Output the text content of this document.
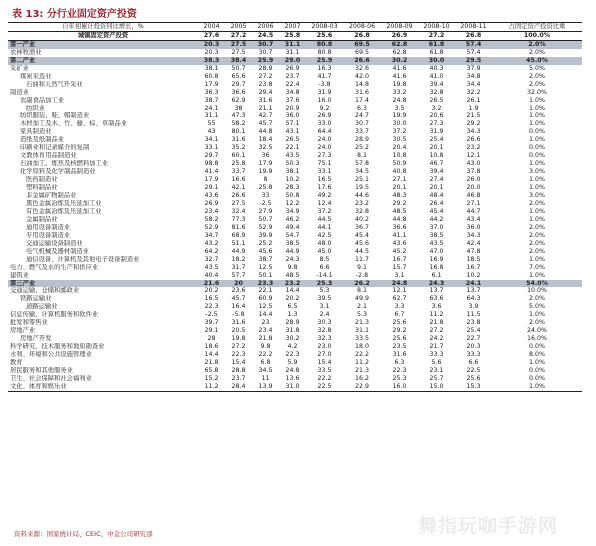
表 13: 分行业固定资产投资
自年初累计投资同比增长，%	2004	2005	2006	2007	2008-03	2008-06	2008-09	2008-10	2008-11	占固定资产投资比重
城镇固定资产投资	27.6	27.2	24.5	25.8	25.6	26.8	26.9	27.2	26.8	100.0%
第一产业	20.3	27.5	30.7	31.1	80.8	69.5	62.8	61.8	57.4	2.0%
农林牧渔业	20.3	27.5	30.7	31.1	80.8	69.5	62.8	61.8	57.4	2.0%
第二产业	38.3	38.4	25.9	29.0	25.9	26.6	30.2	30.0	29.5	45.0%
采矿业	38.1	50.7	28.9	26.9	16.3	32.6	41.6	40.3	37.9	5.0%
煤炭采选业	60.8	65.6	27.2	23.7	41.7	42.0	41.6	41.0	34.8	2.0%
石油和天然气开采业	17.9	29.7	23.8	22.4	-3.8	14.8	19.8	39.4	34.4	2.0%
制造业	36.3	36.6	29.4	34.8	31.9	31.6	33.2	32.8	32.2	32.0%
农副食品加工业	38.7	62.9	31.6	37.6	16.0	17.4	24.8	26.5	26.1	1.0%
纺织业	24.1	38	21.1	20.9	9.2	6.3	3.5	3.2	1.9	1.0%
纺织服装、鞋、帽制造业	31.1	47.3	42.7	36.0	26.9	24.7	19.9	20.6	21.5	1.0%
木材加工及木、竹、藤、棕、草制品业	55	58.2	45.7	57.1	33.0	30.7	30.0	27.3	29.2	1.0%
家具制造业	43	80.1	44.8	43.1	64.4	33.7	37.2	31.9	34.3	0.0%
造纸及纸制品业	34.1	31.6	18.4	26.5	24.0	28.9	30.5	25.4	26.6	1.0%
印刷业和记录媒介的复制	33.1	35.2	32.5	22.1	24.0	25.2	20.4	20.1	23.2	0.0%
文教体育用品制造业	29.7	60.1	36	43.5	27.3	8.1	10.8	10.8	12.1	0.0%
石油加工、炼焦及核燃料加工业	98.8	25.8	17.9	50.3	75.1	57.8	50.9	46.7	43.0	1.0%
化学原料及化学制品制造业	41.4	33.7	19.9	38.1	33.1	34.5	40.8	39.4	37.8	3.0%
医药制造业	17.9	16.6	8	10.2	16.5	25.1	27.1	27.4	26.0	1.0%
塑料制品业	29.1	42.1	25.8	28.3	17.6	19.5	20.1	20.1	20.0	1.0%
非金属矿物制品业	43.6	26.6	33	50.8	49.2	44.6	48.3	48.4	46.8	3.0%
黑色金属冶炼及压延加工业	26.9	27.5	-2.5	12.2	12.4	23.2	29.2	26.4	27.1	2.0%
有色金属冶炼及压延加工业	23.4	32.4	27.9	34.9	37.2	32.8	48.5	45.4	44.7	1.0%
金属制品业	58.2	77.3	50.7	46.2	44.5	40.2	44.8	44.2	43.4	1.0%
通用设备制造业	52.9	81.6	52.9	49.4	44.1	36.7	36.6	37.0	36.0	2.0%
专用设备制造业	34.7	68.9	39.9	54.7	42.5	45.4	41.1	38.5	34.3	2.0%
交通运输设备制造业	43.2	51.1	25.2	38.5	48.0	45.6	43.6	43.5	42.4	2.0%
电气机械及器材制造业	64.2	44.9	45.6	44.9	45.0	44.5	45.2	47.0	47.8	2.0%
通信设备、计算机及其他电子设备制造业	32.7	18.2	38.7	24.3	8.5	11.7	16.7	16.9	18.5	1.0%
电力、燃气及水的生产和供应业	43.5	31.7	12.5	9.8	6.6	9.1	15.7	16.8	16.7	7.0%
建筑业	40.4	57.7	50.1	48.5	-14.1	-2.8	3.1	6.1	10.2	1.0%
第三产业	21.6	20	23.3	23.2	25.3	26.2	24.8	24.3	24.1	54.0%
交通运输、仓储和邮政业	20.2	23.6	22.1	14.4	5.3	8.1	12.1	13.7	13.7	10.0%
铁路运输业	16.5	45.7	60.9	20.2	39.5	49.9	62.7	63.6	64.3	2.0%
道路运输业	22.3	16.4	12.5	6.5	3.1	2.1	3.3	3.6	3.9	5.0%
信息传输、计算机服务和软件业	-2.5	-5.8	14.4	1.3	2.4	5.3	6.7	11.2	11.5	1.0%
批发和零售业	39.7	31.6	23	28.9	30.3	21.3	25.6	21.8	23.8	2.0%
房地产业	29.1	20.5	23.4	31.8	32.8	31.1	29.2	27.2	25.4	24.0%
房地产开发	28	19.8	21.8	30.2	32.3	33.5	25.6	24.2	22.7	16.0%
科学研究、技术服务和地质勘查业	18.6	27.2	9.8	4.2	23.0	18.0	23.5	21.7	20.3	0.0%
水利、环境和公共设施管理业	14.4	22.3	22.2	22.3	27.0	22.2	31.6	33.3	33.3	8.0%
教育	21.8	15.4	6.8	5.9	15.4	11.2	6.3	5.6	6.6	1.0%
居民服务和其他服务业	65.8	28.8	34.5	24.8	33.5	21.3	22.3	23.1	22.5	0.0%
卫生、社会保障和社会福利业	15.2	23.7	11	13.6	22.2	16.2	25.3	25.7	25.6	0.0%
文化、体育和娱乐业	11.2	28.4	13.9	31.0	22.5	22.9	16.0	15.0	15.3	1.0%
资料来源：国家统计局、CEIC、中金公司研究部	舞指玩咖手游网
